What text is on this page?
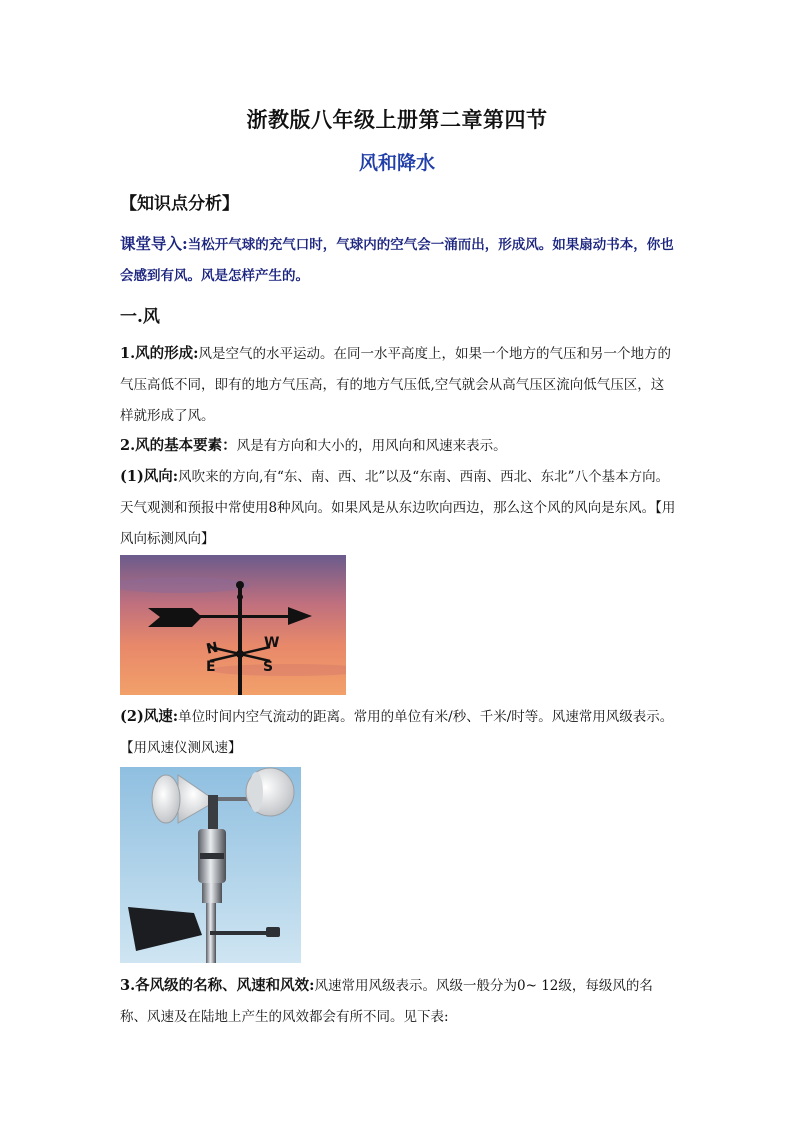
浙教版八年级上册第二章第四节
风和降水
【知识点分析】
课堂导入:当松开气球的充气口时，气球内的空气会一涌而出，形成风。如果扇动书本，你也会感到有风。风是怎样产生的。
一.风
1.风的形成:风是空气的水平运动。在同一水平高度上，如果一个地方的气压和另一个地方的气压高低不同，即有的地方气压高，有的地方气压低,空气就会从高气压区流向低气压区，这样就形成了风。
2.风的基本要素：风是有方向和大小的，用风向和风速来表示。
(1)风向:风吹来的方向,有“东、南、西、北”以及“东南、西南、西北、东北”八个基本方向。天气观测和预报中常使用8种风向。如果风是从东边吹向西边，那么这个风的风向是东风。【用风向标测风向】
N
E
W
S
(2)风速:单位时间内空气流动的距离。常用的单位有米/秒、千米/时等。风速常用风级表示。【用风速仪测风速】
3.各风级的名称、风速和风效:风速常用风级表示。风级一般分为0~ 12级，每级风的名称、风速及在陆地上产生的风效都会有所不同。见下表:
